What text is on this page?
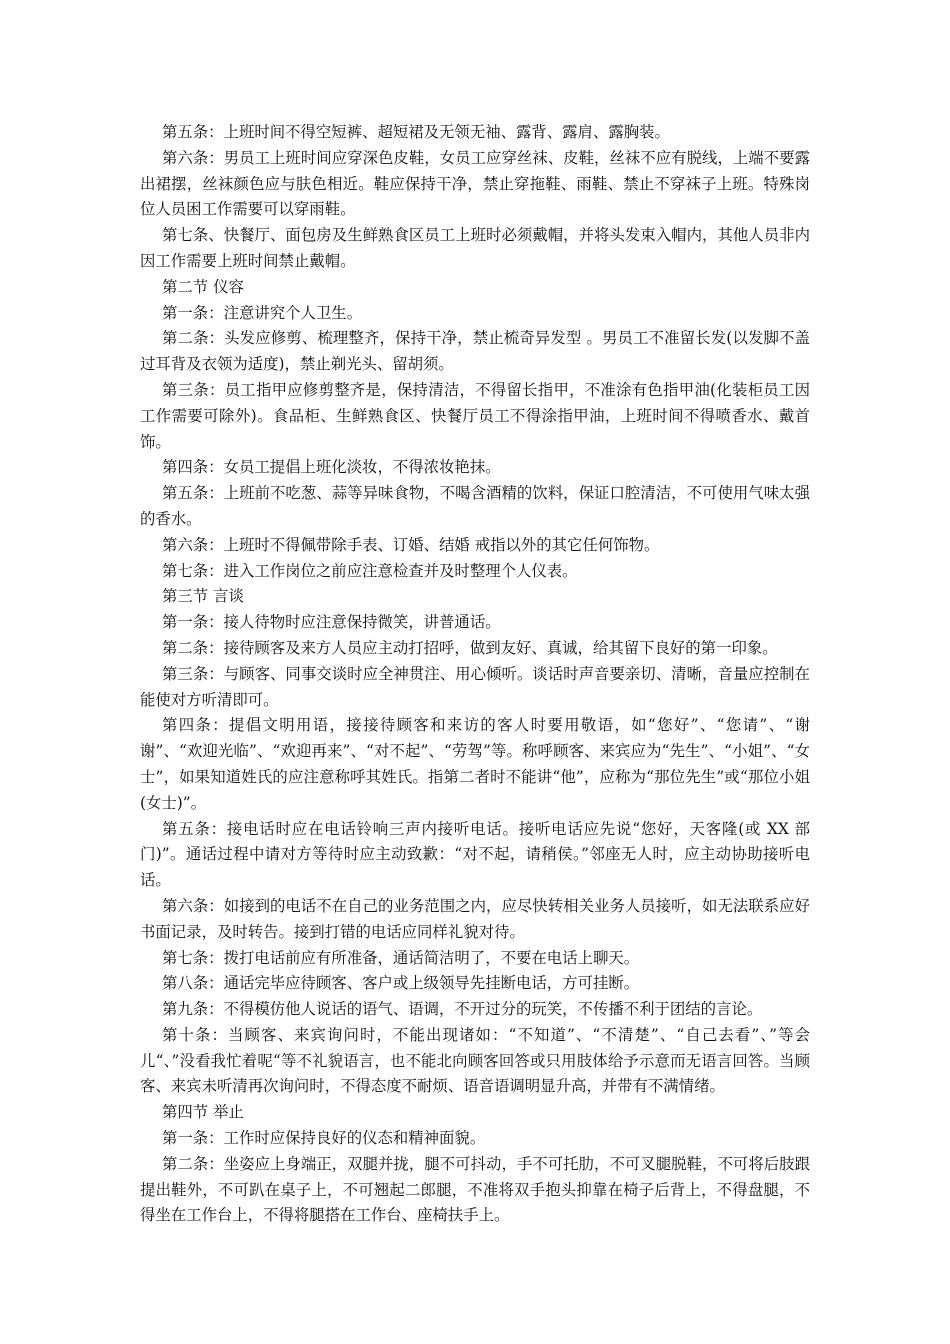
第五条：上班时间不得空短裤、超短裙及无领无袖、露背、露肩、露胸装。

第六条：男员工上班时间应穿深色皮鞋，女员工应穿丝袜、皮鞋，丝袜不应有脱线，上端不要露出裙摆，丝袜颜色应与肤色相近。鞋应保持干净，禁止穿拖鞋、雨鞋、禁止不穿袜子上班。特殊岗位人员困工作需要可以穿雨鞋。

第七条、快餐厅、面包房及生鲜熟食区员工上班时必须戴帽，并将头发束入帽内，其他人员非内因工作需要上班时间禁止戴帽。

第二节 仪容

第一条：注意讲究个人卫生。

第二条：头发应修剪、梳理整齐，保持干净，禁止梳奇异发型 。男员工不准留长发(以发脚不盖过耳背及衣领为适度)，禁止剃光头、留胡须。

第三条：员工指甲应修剪整齐是，保持清洁，不得留长指甲，不准涂有色指甲油(化装柜员工因工作需要可除外)。食品柜、生鲜熟食区、快餐厅员工不得涂指甲油，上班时间不得喷香水、戴首饰。

第四条：女员工提倡上班化淡妆，不得浓妆艳抹。

第五条：上班前不吃葱、蒜等异味食物，不喝含酒精的饮料，保证口腔清洁，不可使用气味太强的香水。

第六条：上班时不得佩带除手表、订婚、结婚 戒指以外的其它任何饰物。

第七条：进入工作岗位之前应注意检查并及时整理个人仪表。

第三节 言谈

第一条：接人待物时应注意保持微笑，讲普通话。

第二条：接待顾客及来方人员应主动打招呼，做到友好、真诚，给其留下良好的第一印象。

第三条：与顾客、同事交谈时应全神贯注、用心倾听。谈话时声音要亲切、清晰，音量应控制在能使对方听清即可。

第四条：提倡文明用语，接接待顾客和来访的客人时要用敬语，如“您好”、“您请”、“谢谢”、“欢迎光临”、“欢迎再来”、“对不起”、“劳驾”等。称呼顾客、来宾应为“先生”、“小姐”、“女士”，如果知道姓氏的应注意称呼其姓氏。指第二者时不能讲“他”，应称为“那位先生”或“那位小姐(女士)”。

第五条：接电话时应在电话铃响三声内接听电话。接听电话应先说“您好，天客隆(或 XX 部门)”。通话过程中请对方等待时应主动致歉：“对不起，请稍侯。”邻座无人时，应主动协助接听电话。

第六条：如接到的电话不在自己的业务范围之内，应尽快转相关业务人员接听，如无法联系应好书面记录，及时转告。接到打错的电话应同样礼貌对待。

第七条：拨打电话前应有所准备，通话简洁明了，不要在电话上聊天。

第八条：通话完毕应待顾客、客户或上级领导先挂断电话，方可挂断。

第九条：不得模仿他人说话的语气、语调，不开过分的玩笑，不传播不利于团结的言论。

第十条：当顾客、来宾询问时，不能出现诸如：“不知道”、“不清楚”、“自己去看”、”等会儿“、”没看我忙着呢“等不礼貌语言，也不能北向顾客回答或只用肢体给予示意而无语言回答。当顾客、来宾未听清再次询问时，不得态度不耐烦、语音语调明显升高，并带有不满情绪。

第四节 举止

第一条：工作时应保持良好的仪态和精神面貌。

第二条：坐姿应上身端正，双腿并拢，腿不可抖动，手不可托肋，不可叉腿脱鞋，不可将后肢跟提出鞋外，不可趴在桌子上，不可翘起二郎腿，不准将双手抱头抑靠在椅子后背上，不得盘腿，不得坐在工作台上，不得将腿搭在工作台、座椅扶手上。
